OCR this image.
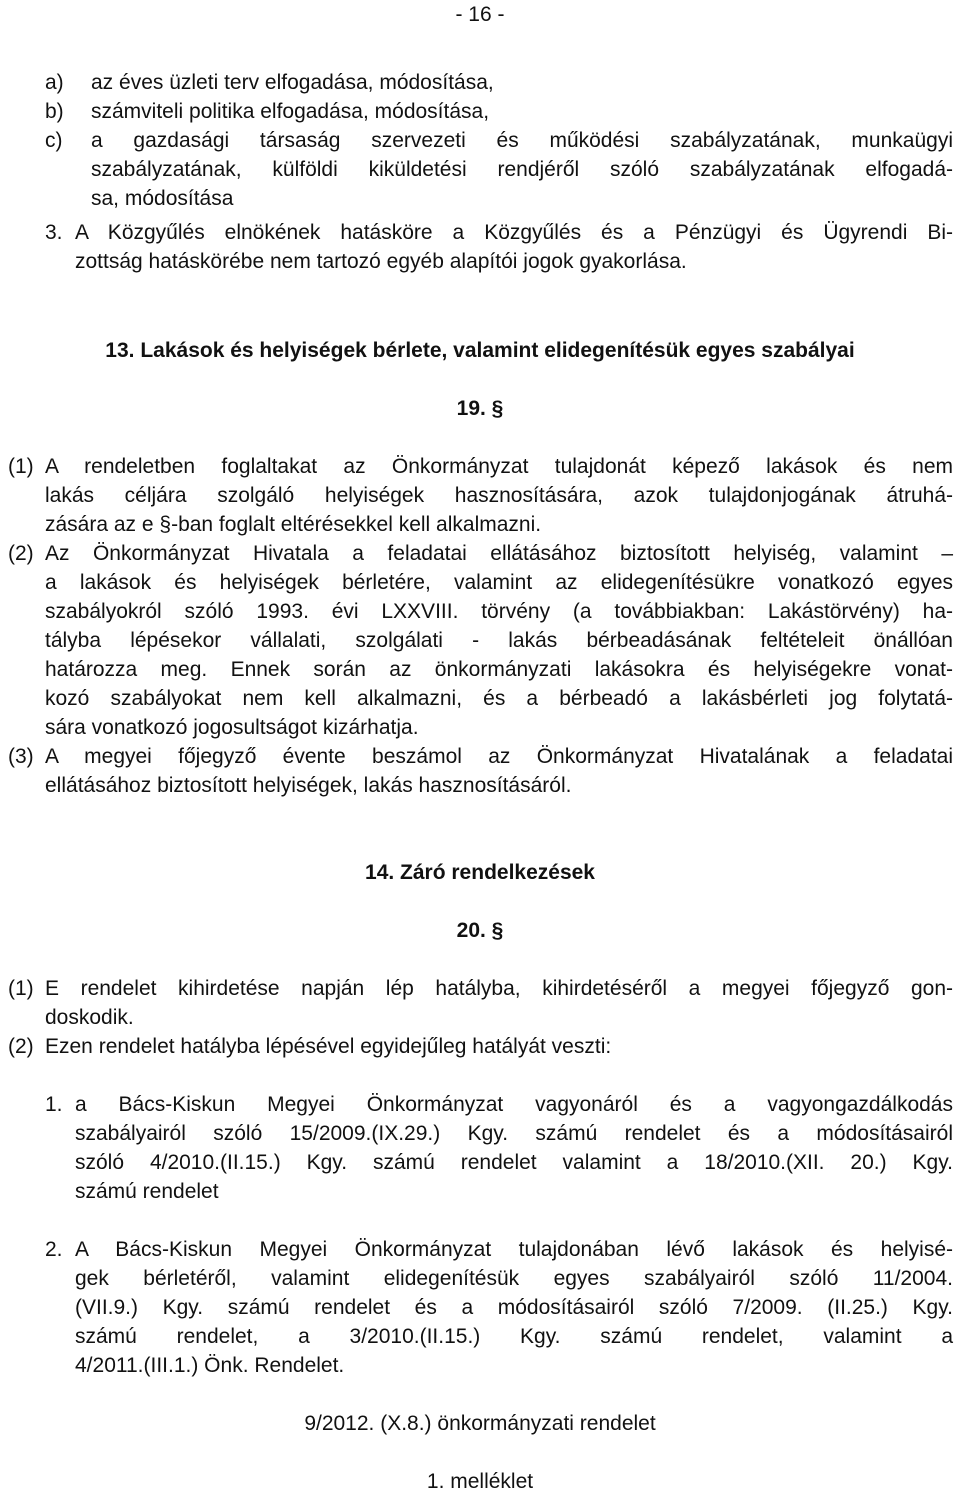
- 16 -
a) az éves üzleti terv elfogadása, módosítása,
b) számviteli politika elfogadása, módosítása,
c) a gazdasági társaság szervezeti és működési szabályzatának, munkaügyi
szabályzatának, külföldi kiküldetési rendjéről szóló szabályzatának elfogadá-
sa, módosítása
3. A Közgyűlés elnökének hatásköre a Közgyűlés és a Pénzügyi és Ügyrendi Bi-
zottság hatáskörébe nem tartozó egyéb alapítói jogok gyakorlása.
13. Lakások és helyiségek bérlete, valamint elidegenítésük egyes szabályai
19. §
(1) A rendeletben foglaltakat az Önkormányzat tulajdonát képező lakások és nem
lakás céljára szolgáló helyiségek hasznosítására, azok tulajdonjogának átruhá-
zására az e §-ban foglalt eltérésekkel kell alkalmazni.
(2) Az Önkormányzat Hivatala a feladatai ellátásához biztosított helyiség, valamint –
a lakások és helyiségek bérletére, valamint az elidegenítésükre vonatkozó egyes
szabályokról szóló 1993. évi LXXVIII. törvény (a továbbiakban: Lakástörvény) ha-
tályba lépésekor vállalati, szolgálati - lakás bérbeadásának feltételeit önállóan
határozza meg. Ennek során az önkormányzati lakásokra és helyiségekre vonat-
kozó szabályokat nem kell alkalmazni, és a bérbeadó a lakásbérleti jog folytatá-
sára vonatkozó jogosultságot kizárhatja.
(3) A megyei főjegyző évente beszámol az Önkormányzat Hivatalának a feladatai
ellátásához biztosított helyiségek, lakás hasznosításáról.
14. Záró rendelkezések
20. §
(1) E rendelet kihirdetése napján lép hatályba, kihirdetéséről a megyei főjegyző gon-
doskodik.
(2) Ezen rendelet hatályba lépésével egyidejűleg hatályát veszti:
1. a Bács-Kiskun Megyei Önkormányzat vagyonáról és a vagyongazdálkodás
szabályairól szóló 15/2009.(IX.29.) Kgy. számú rendelet és a módosításairól
szóló 4/2010.(II.15.) Kgy. számú rendelet valamint a 18/2010.(XII. 20.) Kgy.
számú rendelet
2. A Bács-Kiskun Megyei Önkormányzat tulajdonában lévő lakások és helyisé-
gek bérletéről, valamint elidegenítésük egyes szabályairól szóló 11/2004.
(VII.9.) Kgy. számú rendelet és a módosításairól szóló 7/2009. (II.25.) Kgy.
számú rendelet, a 3/2010.(II.15.) Kgy. számú rendelet, valamint a
4/2011.(III.1.) Önk. Rendelet.
9/2012. (X.8.) önkormányzati rendelet
1. melléklet
